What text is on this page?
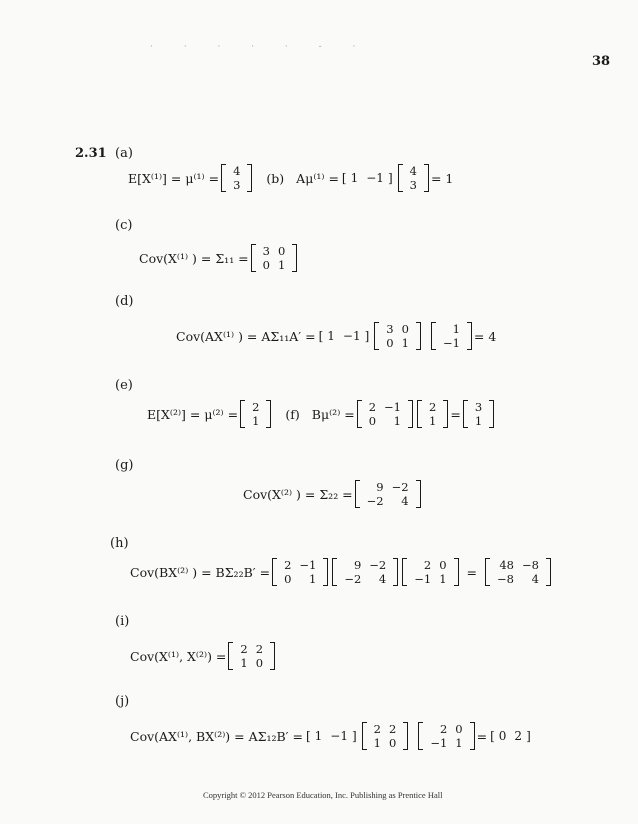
· · · · · - ·
38
2.31 (a)
E[X⁽¹⁾] = μ⁽¹⁾ = 4
3 (b) Aμ⁽¹⁾ = [ 1 −1 ] 4
3 = 1
(c)
Cov(X⁽¹⁾ ) = Σ₁₁ = 3	0
0	1
(d)
Cov(AX⁽¹⁾ ) = AΣ₁₁A′ = [ 1 −1 ] 3	0
0	1
1
−1 = 4
(e)
E[X⁽²⁾] = μ⁽²⁾ = 2
1 (f) Bμ⁽²⁾ = 2	−1
0	1
2
1 = 3
1
(g)
Cov(X⁽²⁾ ) = Σ₂₂ = 9	−2
−2	4
(h)
Cov(BX⁽²⁾ ) = BΣ₂₂B′ = 2	−1
0	1
9	−2
−2	4
2	0
−1	1 = 48	−8
−8	4
(i)
Cov(X⁽¹⁾, X⁽²⁾) = 2	2
1	0
(j)
Cov(AX⁽¹⁾, BX⁽²⁾) = AΣ₁₂B′ = [ 1 −1 ] 2	2
1	0
2	0
−1	1 = [ 0 2 ]
Copyright © 2012 Pearson Education, Inc. Publishing as Prentice Hall
